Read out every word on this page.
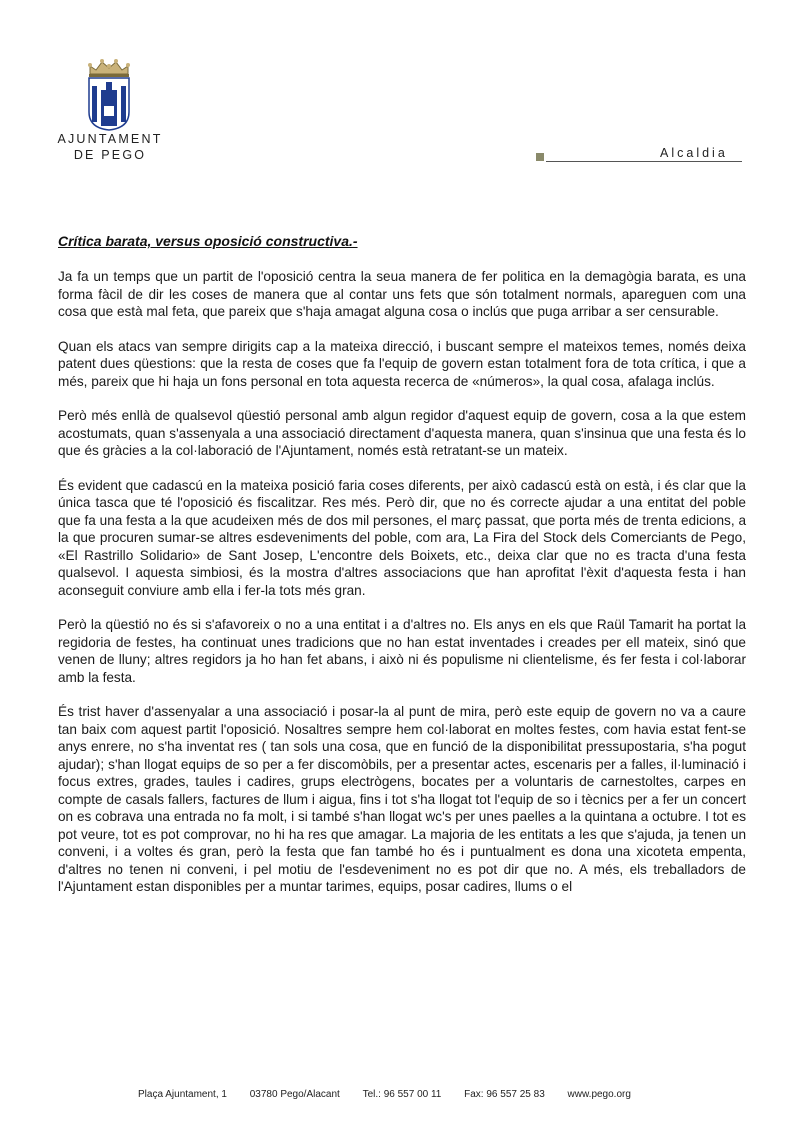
AJUNTAMENT
DE PEGO	Alcaldia
Crítica barata, versus oposició constructiva.-

Ja fa un temps que un partit de l'oposició centra la seua manera de fer politica en la demagògia barata, es una forma fàcil de dir les coses de manera que al contar uns fets que són totalment normals, apareguen com una cosa que està mal feta, que pareix que s'haja amagat alguna cosa o inclús que puga arribar a ser censurable.

Quan els atacs van sempre dirigits cap a la mateixa direcció, i buscant sempre el mateixos temes, només deixa patent dues qüestions: que la resta de coses que fa l'equip de govern estan totalment fora de tota crítica, i que a més, pareix que hi haja un fons personal en tota aquesta recerca de «números», la qual cosa, afalaga inclús.

Però més enllà de qualsevol qüestió personal amb algun regidor d'aquest equip de govern, cosa a la que estem acostumats, quan s'assenyala a una associació directament d'aquesta manera, quan s'insinua que una festa és lo que és gràcies a la col·laboració de l'Ajuntament, només està retratant-se un mateix.

És evident que cadascú en la mateixa posició faria coses diferents, per això cadascú està on està, i és clar que la única tasca que té l'oposició és fiscalitzar. Res més. Però dir, que no és correcte ajudar a una entitat del poble que fa una festa a la que acudeixen més de dos mil persones, el març passat, que porta més de trenta edicions, a la que procuren sumar-se altres esdeveniments del poble, com ara, La Fira del Stock dels Comerciants de Pego, «El Rastrillo Solidario» de Sant Josep, L'encontre dels Boixets, etc., deixa clar que no es tracta d'una festa qualsevol. I aquesta simbiosi, és la mostra d'altres associacions que han aprofitat l'èxit d'aquesta festa i han aconseguit conviure amb ella i fer-la tots més gran.

Però la qüestió no és si s'afavoreix o no a una entitat i a d'altres no. Els anys en els que Raül Tamarit ha portat la regidoria de festes, ha continuat unes tradicions que no han estat inventades i creades per ell mateix, sinó que venen de lluny; altres regidors ja ho han fet abans, i això ni és populisme ni clientelisme, és fer festa i col·laborar amb la festa.

És trist haver d'assenyalar a una associació i posar-la al punt de mira, però este equip de govern no va a caure tan baix com aquest partit l'oposició. Nosaltres sempre hem col·laborat en moltes festes, com havia estat fent-se anys enrere, no s'ha inventat res ( tan sols una cosa, que en funció de la disponibilitat pressupostaria, s'ha pogut ajudar); s'han llogat equips de so per a fer discomòbils, per a presentar actes, escenaris per a falles, il·luminació i focus extres, grades, taules i cadires, grups electrògens, bocates per a voluntaris de carnestoltes, carpes en compte de casals fallers, factures de llum i aigua, fins i tot s'ha llogat tot l'equip de so i tècnics per a fer un concert on es cobrava una entrada no fa molt, i si també s'han llogat wc's per unes paelles a la quintana a octubre. I tot es pot veure, tot es pot comprovar, no hi ha res que amagar. La majoria de les entitats a les que s'ajuda, ja tenen un conveni, i a voltes és gran, però la festa que fan també ho és i puntualment es dona una xicoteta empenta, d'altres no tenen ni conveni, i pel motiu de l'esdeveniment no es pot dir que no. A més, els treballadors de l'Ajuntament estan disponibles per a muntar tarimes, equips, posar cadires, llums o el

Plaça Ajuntament, 1 03780 Pego/Alacant Tel.: 96 557 00 11 Fax: 96 557 25 83 www.pego.org
